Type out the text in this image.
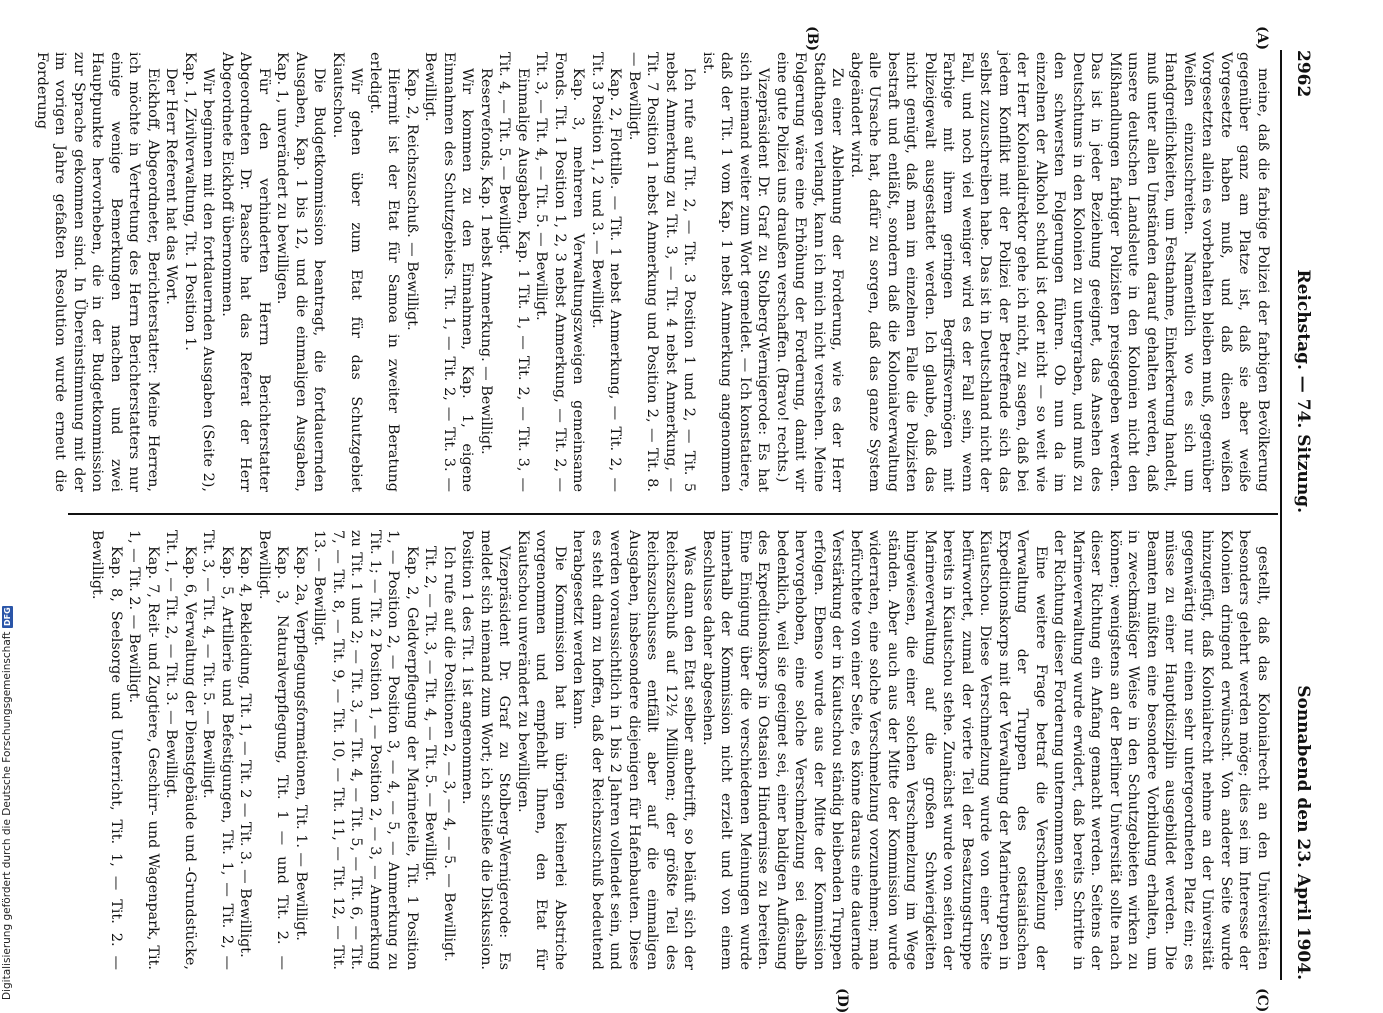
2962
Reichstag. — 74. Sitzung.
Sonnabend den 23. April 1904.
(A)
(B)
(C)
(D)

meine, daß die farbige Polizei der farbigen Bevölkerung gegenüber ganz am Platze ist, daß sie aber weiße Vorgesetzte haben muß, und daß diesen weißen Vorgesetzten allein es vorbehalten bleiben muß, gegenüber Weißen einzuschreiten. Namentlich wo es sich um Handgreiflichkeiten, um Festnahme, Einkerkerung handelt, muß unter allen Umständen darauf gehalten werden, daß unsere deutschen Landsleute in den Kolonien nicht den Mißhandlungen farbiger Polizisten preisgegeben werden. Das ist in jeder Beziehung geeignet, das Ansehen des Deutschtums in den Kolonien zu untergraben, und muß zu den schwersten Folgerungen führen. Ob nun da im einzelnen der Alkohol schuld ist oder nicht — so weit wie der Herr Kolonialdirektor gehe ich nicht, zu sagen, daß bei jedem Konflikt mit der Polizei der Betreffende sich das selbst zuzuschreiben habe. Das ist in Deutschland nicht der Fall, und noch viel weniger wird es der Fall sein, wenn Farbige mit ihrem geringen Begriffsvermögen mit Polizeigewalt ausgestattet werden. Ich glaube, daß das nicht genügt, daß man im einzelnen Falle die Polizisten bestraft und entläßt, sondern daß die Kolonialverwaltung alle Ursache hat, dafür zu sorgen, daß das ganze System abgeändert wird.

Zu einer Ablehnung der Forderung, wie es der Herr Stadthagen verlangt, kann ich mich nicht verstehen. Meine Folgerung wäre eine Erhöhung der Forderung, damit wir eine gute Polizei uns draußen verschaffen. (Bravo! rechts.)

Vizepräsident Dr. Graf zu Stolberg-Wernigerode: Es hat sich niemand weiter zum Wort gemeldet. — Ich konstatiere, daß der Tit. 1 vom Kap. 1 nebst Anmerkung angenommen ist.

Ich rufe auf Tit. 2, — Tit. 3 Position 1 und 2, — Tit. 5 nebst Anmerkung zu Tit. 3, — Tit. 4 nebst Anmerkung, — Tit. 7 Position 1 nebst Anmerkung und Position 2, — Tit. 8. — Bewilligt.

Kap. 2, Flottille. — Tit. 1 nebst Anmerkung, — Tit. 2, — Tit. 3 Position 1, 2 und 3. — Bewilligt.

Kap. 3, mehreren Verwaltungszweigen gemeinsame Fonds. Tit. 1 Position 1, 2, 3 nebst Anmerkung, — Tit. 2, — Tit. 3, — Tit. 4, — Tit. 5. — Bewilligt.

Einmalige Ausgaben, Kap. 1 Tit. 1, — Tit. 2, — Tit. 3, — Tit. 4, — Tit. 5. — Bewilligt.

Reservefonds, Kap. 1 nebst Anmerkung. — Bewilligt.

Wir kommen zu den Einnahmen, Kap. 1, eigene Einnahmen des Schutzgebiets. Tit. 1, — Tit. 2, — Tit. 3. — Bewilligt.

Kap. 2, Reichszuschuß. — Bewilligt.

Hiermit ist der Etat für Samoa in zweiter Beratung erledigt.

Wir gehen über zum Etat für das Schutzgebiet Kiautschou.

Die Budgetkommission beantragt, die fortdauernden Ausgaben, Kap. 1 bis 12, und die einmaligen Ausgaben, Kap. 1, unverändert zu bewilligen.

Für den verhinderten Herrn Berichterstatter Abgeordneten Dr. Paasche hat das Referat der Herr Abgeordnete Eickhoff übernommen.

Wir beginnen mit den fortdauernden Ausgaben (Seite 2), Kap. 1, Zivilverwaltung, Tit. 1 Position 1.

Der Herr Referent hat das Wort.

Eickhoff, Abgeordneter, Berichterstatter: Meine Herren, ich möchte in Vertretung des Herrn Berichterstatters nur einige wenige Bemerkungen machen und zwei Hauptpunkte hervorheben, die in der Budgetkommission zur Sprache gekommen sind. In Übereinstimmung mit der im vorigen Jahre gefaßten Resolution wurde erneut die Forderung

gestellt, daß das Kolonialrecht an den Universitäten besonders gelehrt werden möge; dies sei im Interesse der Kolonien dringend erwünscht. Von anderer Seite wurde hinzugefügt, daß Kolonialrecht nehme an der Universität gegenwärtig nur einen sehr untergeordneten Platz ein; es müsse zu einer Hauptdisziplin ausgebildet werden. Die Beamten müßten eine besondere Vorbildung erhalten, um in zweckmäßiger Weise in den Schutzgebieten wirken zu können; wenigstens an der Berliner Universität sollte nach dieser Richtung ein Anfang gemacht werden. Seitens der Marineverwaltung wurde erwidert, daß bereits Schritte in der Richtung dieser Forderung unternommen seien.

Eine weitere Frage betraf die Verschmelzung der Verwaltung der Truppen des ostasiatischen Expeditionskorps mit der Verwaltung der Marinetruppen in Kiautschou. Diese Verschmelzung wurde von einer Seite befürwortet, zumal der vierte Teil der Besatzungstruppe bereits in Kiautschou stehe. Zunächst wurde von seiten der Marineverwaltung auf die großen Schwierigkeiten hingewiesen, die einer solchen Verschmelzung im Wege ständen. Aber auch aus der Mitte der Kommission wurde widerraten, eine solche Verschmelzung vorzunehmen; man befürchtete von einer Seite, es könne daraus eine dauernde Verstärkung der in Kiautschou ständig bleibenden Truppen erfolgen. Ebenso wurde aus der Mitte der Kommission hervorgehoben, eine solche Verschmelzung sei deshalb bedenklich, weil sie geeignet sei, einer baldigen Auflösung des Expeditionskorps in Ostasien Hindernisse zu bereiten. Eine Einigung über die verschiedenen Meinungen wurde innerhalb der Kommission nicht erzielt und von einem Beschlusse daher abgesehen.

Was dann den Etat selber anbetrifft, so beläuft sich der Reichszuschuß auf 12½ Millionen; der größte Teil des Reichszuschusses entfällt aber auf die einmaligen Ausgaben, insbesondere diejenigen für Hafenbauten. Diese werden voraussichtlich in 1 bis 2 Jahren vollendet sein, und es steht dann zu hoffen, daß der Reichszuschuß bedeutend herabgesetzt werden kann.

Die Kommission hat im übrigen keinerlei Abstriche vorgenommen und empfiehlt Ihnen, den Etat für Kiautschou unverändert zu bewilligen.

Vizepräsident Dr. Graf zu Stolberg-Wernigerode: Es meldet sich niemand zum Wort; ich schließe die Diskussion. Position 1 des Tit. 1 ist angenommen.

Ich rufe auf die Positionen 2, — 3, — 4, — 5. — Bewilligt.

Tit. 2, — Tit. 3, — Tit. 4, — Tit. 5. — Bewilligt.

Kap. 2, Geldverpflegung der Marineteile, Tit. 1 Position 1, — Position 2, — Position 3, — 4, — 5, — Anmerkung zu Tit. 1; — Tit. 2 Position 1, — Position 2, — 3, — Anmerkung zu Tit. 1 und 2; — Tit. 3, — Tit. 4, — Tit. 5, — Tit. 6, — Tit. 7, — Tit. 8, — Tit. 9, — Tit. 10, — Tit. 11, — Tit. 12, — Tit. 13. — Bewilligt.

Kap. 2a, Verpflegungsformationen, Tit. 1. — Bewilligt.

Kap. 3, Naturalverpflegung, Tit. 1 — und Tit. 2. — Bewilligt.

Kap. 4, Bekleidung, Tit. 1, — Tit. 2 — Tit. 3. — Bewilligt.

Kap. 5, Artillerie und Befestigungen, Tit. 1, — Tit. 2, — Tit. 3, — Tit. 4, — Tit. 5. — Bewilligt.

Kap. 6, Verwaltung der Dienstgebäude und -Grundstücke, Tit. 1, — Tit. 2, — Tit. 3. — Bewilligt.

Kap. 7, Reit- und Zugtiere, Geschirr- und Wagenpark, Tit. 1, — Tit. 2. — Bewilligt.

Kap. 8, Seelsorge und Unterricht, Tit. 1, — Tit. 2. — Bewilligt.

Digitalisierung gefördert durch die Deutsche Forschungsgemeinschaft
DFG
